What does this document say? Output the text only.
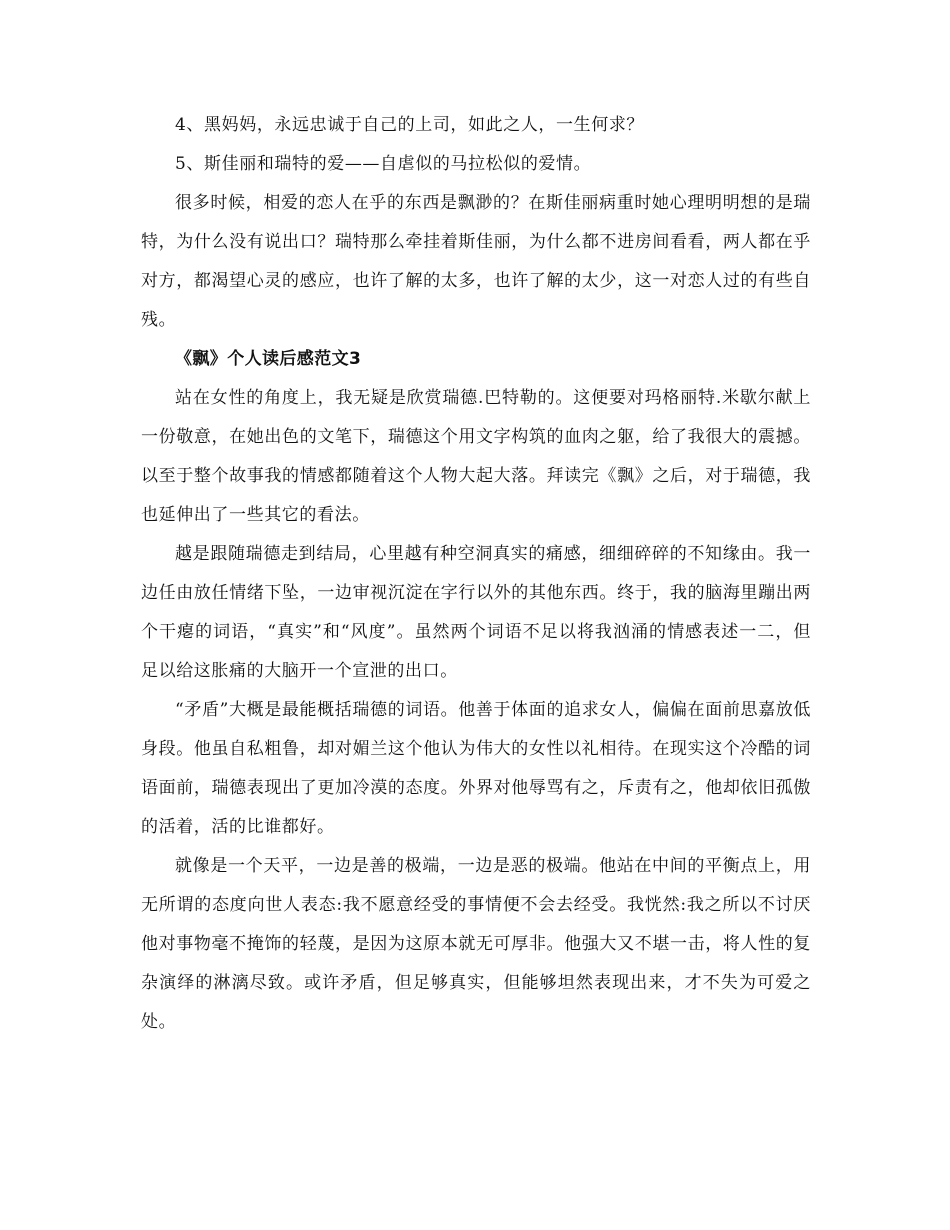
4、黑妈妈，永远忠诚于自己的上司，如此之人，一生何求？

5、斯佳丽和瑞特的爱——自虐似的马拉松似的爱情。

很多时候，相爱的恋人在乎的东西是飘渺的？在斯佳丽病重时她心理明明想的是瑞特，为什么没有说出口？瑞特那么牵挂着斯佳丽，为什么都不进房间看看，两人都在乎对方，都渴望心灵的感应，也许了解的太多，也许了解的太少，这一对恋人过的有些自残。

《飘》个人读后感范文3

站在女性的角度上，我无疑是欣赏瑞德.巴特勒的。这便要对玛格丽特.米歇尔献上一份敬意，在她出色的文笔下，瑞德这个用文字构筑的血肉之躯，给了我很大的震撼。以至于整个故事我的情感都随着这个人物大起大落。拜读完《飘》之后，对于瑞德，我也延伸出了一些其它的看法。

越是跟随瑞德走到结局，心里越有种空洞真实的痛感，细细碎碎的不知缘由。我一边任由放任情绪下坠，一边审视沉淀在字行以外的其他东西。终于，我的脑海里蹦出两个干瘪的词语，“真实”和“风度”。虽然两个词语不足以将我汹涌的情感表述一二，但足以给这胀痛的大脑开一个宣泄的出口。

“矛盾”大概是最能概括瑞德的词语。他善于体面的追求女人，偏偏在面前思嘉放低身段。他虽自私粗鲁，却对媚兰这个他认为伟大的女性以礼相待。在现实这个冷酷的词语面前，瑞德表现出了更加冷漠的态度。外界对他辱骂有之，斥责有之，他却依旧孤傲的活着，活的比谁都好。

就像是一个天平，一边是善的极端，一边是恶的极端。他站在中间的平衡点上，用无所谓的态度向世人表态:我不愿意经受的事情便不会去经受。我恍然:我之所以不讨厌他对事物毫不掩饰的轻蔑，是因为这原本就无可厚非。他强大又不堪一击，将人性的复杂演绎的淋漓尽致。或许矛盾，但足够真实，但能够坦然表现出来，才不失为可爱之处。
